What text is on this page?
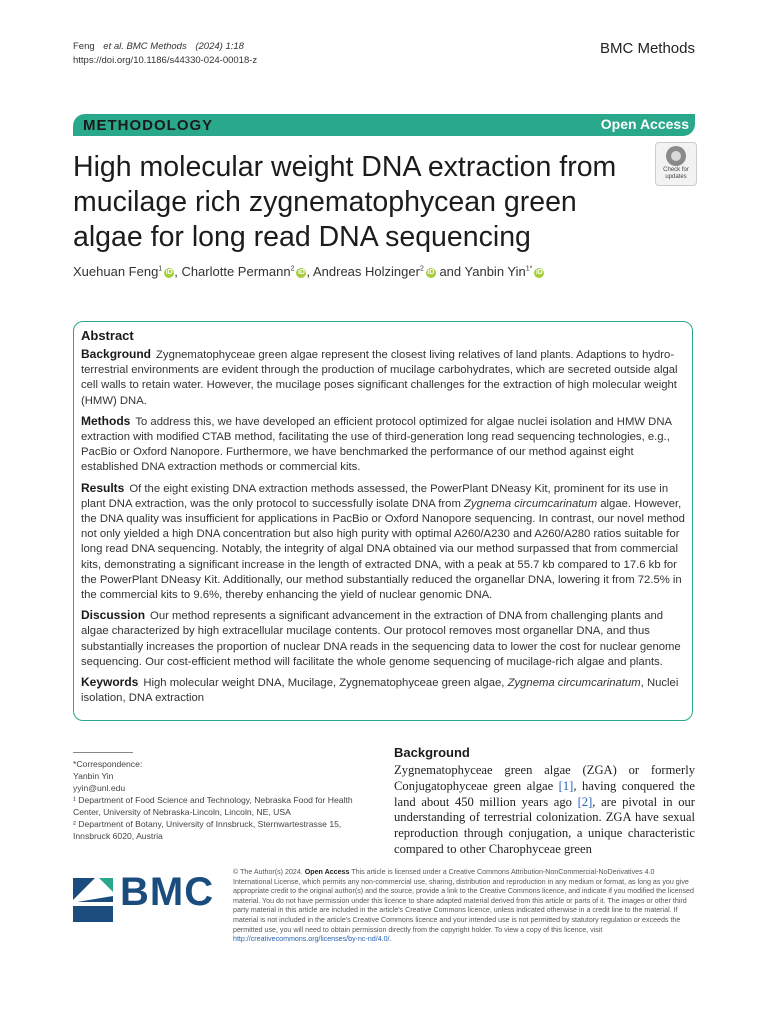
Feng et al. BMC Methods (2024) 1:18
https://doi.org/10.1186/s44330-024-00018-z
BMC Methods
METHODOLOGY	Open Access
High molecular weight DNA extraction from mucilage rich zygnematophycean green algae for long read DNA sequencing
Check for
updates
Xuehuan Feng$^1$ iD , Charlotte Permann$^2$ iD , Andreas Holzinger$^2$ iD and Yanbin Yin$^{1*}$ iD
Abstract

Background Zygnematophyceae green algae represent the closest living relatives of land plants. Adaptions to hydro-terrestrial environments are evident through the production of mucilage carbohydrates, which are secreted outside algal cell walls to retain water. However, the mucilage poses significant challenges for the extraction of high molecular weight (HMW) DNA.

Methods To address this, we have developed an efficient protocol optimized for algae nuclei isolation and HMW DNA extraction with modified CTAB method, facilitating the use of third-generation long read sequencing technologies, e.g., PacBio or Oxford Nanopore. Furthermore, we have benchmarked the performance of our method against eight established DNA extraction methods or commercial kits.

Results Of the eight existing DNA extraction methods assessed, the PowerPlant DNeasy Kit, prominent for its use in plant DNA extraction, was the only protocol to successfully isolate DNA from Zygnema circumcarinatum algae. However, the DNA quality was insufficient for applications in PacBio or Oxford Nanopore sequencing. In contrast, our novel method not only yielded a high DNA concentration but also high purity with optimal A260/A230 and A260/A280 ratios suitable for long read DNA sequencing. Notably, the integrity of algal DNA obtained via our method surpassed that from commercial kits, demonstrating a significant increase in the length of extracted DNA, with a peak at 55.7 kb compared to 17.6 kb for the PowerPlant DNeasy Kit. Additionally, our method substantially reduced the organellar DNA, lowering it from 72.5% in the commercial kits to 9.6%, thereby enhancing the yield of nuclear genomic DNA.

Discussion Our method represents a significant advancement in the extraction of DNA from challenging plants and algae characterized by high extracellular mucilage contents. Our protocol removes most organellar DNA, and thus substantially increases the proportion of nuclear DNA reads in the sequencing data to lower the cost for nuclear genome sequencing. Our cost-efficient method will facilitate the whole genome sequencing of mucilage-rich algae and plants.

Keywords High molecular weight DNA, Mucilage, Zygnematophyceae green algae, Zygnema circumcarinatum, Nuclei isolation, DNA extraction

*Correspondence:
Yanbin Yin
yyin@unl.edu
¹ Department of Food Science and Technology, Nebraska Food for Health Center, University of Nebraska-Lincoln, Lincoln, NE, USA
² Department of Botany, University of Innsbruck, Sternwartestrasse 15, Innsbruck 6020, Austria
Background
Zygnematophyceae green algae (ZGA) or formerly Conjugatophyceae green algae [1], having conquered the land about 450 million years ago [2], are pivotal in our understanding of terrestrial colonization. ZGA have sexual reproduction through conjugation, a unique characteristic compared to other Charophyceae green
BMC	© The Author(s) 2024. Open Access This article is licensed under a Creative Commons Attribution-NonCommercial-NoDerivatives 4.0 International License, which permits any non-commercial use, sharing, distribution and reproduction in any medium or format, as long as you give appropriate credit to the original author(s) and the source, provide a link to the Creative Commons licence, and indicate if you modified the licensed material. You do not have permission under this licence to share adapted material derived from this article or parts of it. The images or other third party material in this article are included in the article's Creative Commons licence, unless indicated otherwise in a credit line to the material. If material is not included in the article's Creative Commons licence and your intended use is not permitted by statutory regulation or exceeds the permitted use, you will need to obtain permission directly from the copyright holder. To view a copy of this licence, visit http://creativecommons.org/licenses/by-nc-nd/4.0/.
